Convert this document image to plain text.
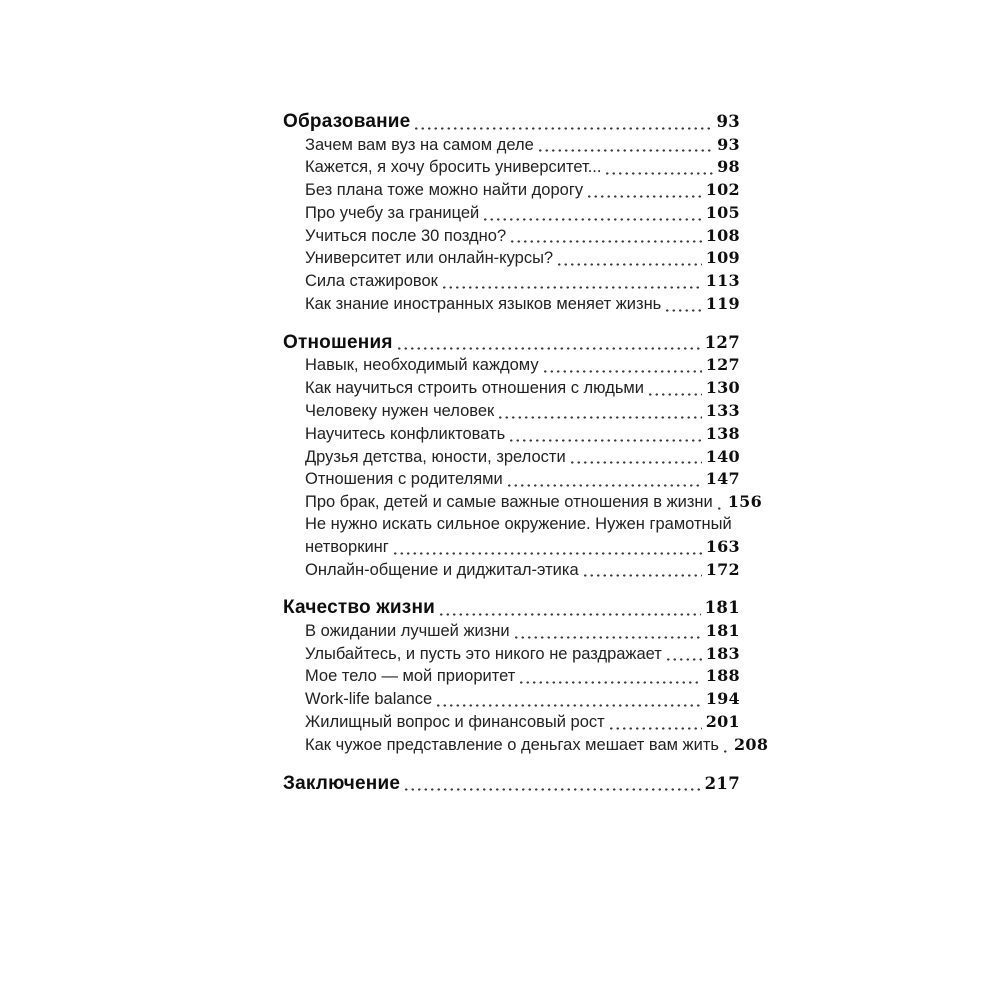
Образование	93
Зачем вам вуз на самом деле	93
Кажется, я хочу бросить университет...	98
Без плана тоже можно найти дорогу	102
Про учебу за границей	105
Учиться после 30 поздно?	108
Университет или онлайн-курсы?	109
Сила стажировок	113
Как знание иностранных языков меняет жизнь	119
Отношения	127
Навык, необходимый каждому	127
Как научиться строить отношения с людьми	130
Человеку нужен человек	133
Научитесь конфликтовать	138
Друзья детства, юности, зрелости	140
Отношения с родителями	147
Про брак, детей и самые важные отношения в жизни 156
Не нужно искать сильное окружение. Нужен грамотный
нетворкинг	163
Онлайн-общение и диджитал-этика	172
Качество жизни	181
В ожидании лучшей жизни	181
Улыбайтесь, и пусть это никого не раздражает	183
Мое тело — мой приоритет	188
Work-life balance	194
Жилищный вопрос и финансовый рост	201
Как чужое представление о деньгах мешает вам жить 208
Заключение	217
